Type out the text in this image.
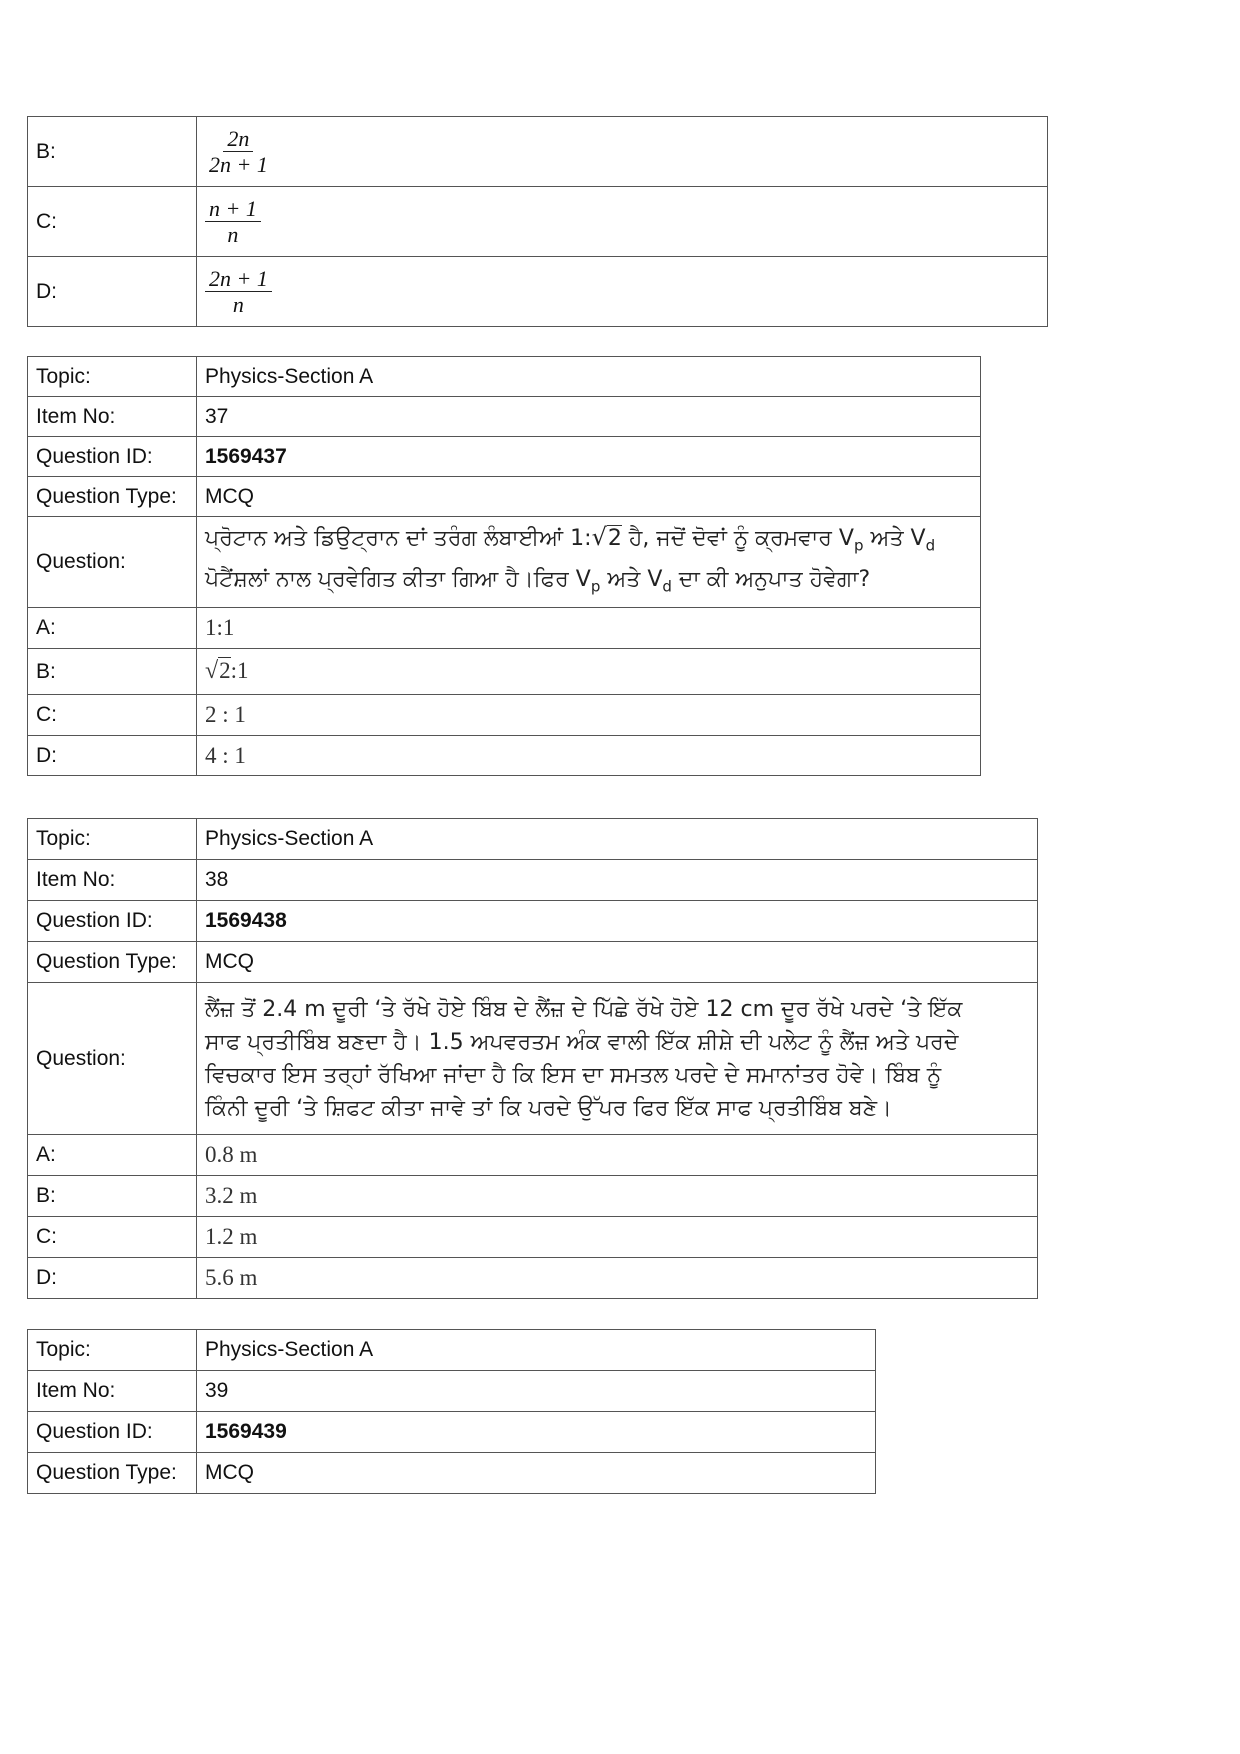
B:	$\frac{2n}{2n + 1}$

C:	$\frac{n + 1}{n}$

D:	$\frac{2n + 1}{n}$
Topic:	Physics-Section A
Item No:	37
Question ID:	1569437
Question Type:	MCQ
Question:	ਪ੍ਰੋਟਾਨ ਅਤੇ ਡਿਉਟ੍ਰਾਨ ਦਾਂ ਤਰੰਗ ਲੰਬਾਈਆਂ 1:√2 ਹੈ, ਜਦੋਂ ਦੋਵਾਂ ਨੂੰ ਕ੍ਰਮਵਾਰ $V_p$ ਅਤੇ $V_d$
ਪੋਟੈਂਸ਼ਲਾਂ ਨਾਲ ਪ੍ਰਵੇਗਿਤ ਕੀਤਾ ਗਿਆ ਹੈ।ਫਿਰ $V_p$ ਅਤੇ $V_d$ ਦਾ ਕੀ ਅਨੁਪਾਤ ਹੋਵੇਗਾ?

A:	1:1
B:	√2:1
C:	2 : 1
D:	4 : 1
Topic:	Physics-Section A
Item No:	38
Question ID:	1569438
Question Type:	MCQ
Question:	ਲੈਂਜ਼ ਤੋਂ 2.4 m ਦੂਰੀ ‘ਤੇ ਰੱਖੇ ਹੋਏ ਬਿੰਬ ਦੇ ਲੈਂਜ਼ ਦੇ ਪਿੱਛੇ ਰੱਖੇ ਹੋਏ 12 cm ਦੂਰ ਰੱਖੇ ਪਰਦੇ ‘ਤੇ ਇੱਕ
ਸਾਫ ਪ੍ਰਤੀਬਿੰਬ ਬਣਦਾ ਹੈ। 1.5 ਅਪਵਰਤਮ ਅੰਕ ਵਾਲੀ ਇੱਕ ਸ਼ੀਸ਼ੇ ਦੀ ਪਲੇਟ ਨੂੰ ਲੈਂਜ਼ ਅਤੇ ਪਰਦੇ
ਵਿਚਕਾਰ ਇਸ ਤਰ੍ਹਾਂ ਰੱਖਿਆ ਜਾਂਦਾ ਹੈ ਕਿ ਇਸ ਦਾ ਸਮਤਲ ਪਰਦੇ ਦੇ ਸਮਾਨਾਂਤਰ ਹੋਵੇ। ਬਿੰਬ ਨੂੰ
ਕਿੰਨੀ ਦੂਰੀ ‘ਤੇ ਸ਼ਿਫਟ ਕੀਤਾ ਜਾਵੇ ਤਾਂ ਕਿ ਪਰਦੇ ਉੱਪਰ ਫਿਰ ਇੱਕ ਸਾਫ ਪ੍ਰਤੀਬਿੰਬ ਬਣੇ।

A:	0.8 m
B:	3.2 m
C:	1.2 m
D:	5.6 m
Topic:	Physics-Section A
Item No:	39
Question ID:	1569439
Question Type:	MCQ
